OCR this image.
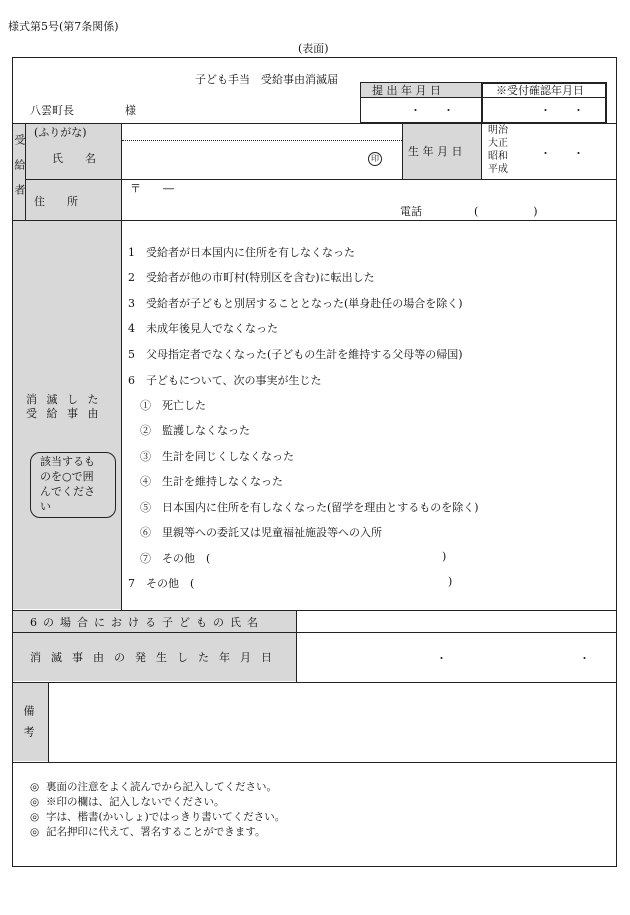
様式第5号(第7条関係)
(表面)
子ども手当　受給事由消滅届
提 出 年 月 日
・　　・
※受付確認年月日
・　　・
八雲町長	様
受給者
(ふりがな)
氏　　名	印
生 年 月 日
明治
大正
昭和
平成
・　　・
住　　所
〒　　―
電話	(　　　　　)
消 滅 し た
受 給 事 由
該当するも
のを○で囲
んでくださ
い
1　受給者が日本国内に住所を有しなくなった
2　受給者が他の市町村(特別区を含む)に転出した
3　受給者が子どもと別居することとなった(単身赴任の場合を除く)
4　未成年後見人でなくなった
5　父母指定者でなくなった(子どもの生計を維持する父母等の帰国)
6　子どもについて、次の事実が生じた
①　死亡した
②　監護しなくなった
③　生計を同じくしなくなった
④　生計を維持しなくなった
⑤　日本国内に住所を有しなくなった(留学を理由とするものを除く)
⑥　里親等への委託又は児童福祉施設等への入所
⑦　その他　(	)
7　その他　(	)
6の場合における子どもの氏名
消滅事由の発生した年月日	・　　　　　　　　　　　　・
備考
◎ 裏面の注意をよく読んでから記入してください。
◎ ※印の欄は、記入しないでください。
◎ 字は、楷書(かいしょ)ではっきり書いてください。
◎ 記名押印に代えて、署名することができます。
